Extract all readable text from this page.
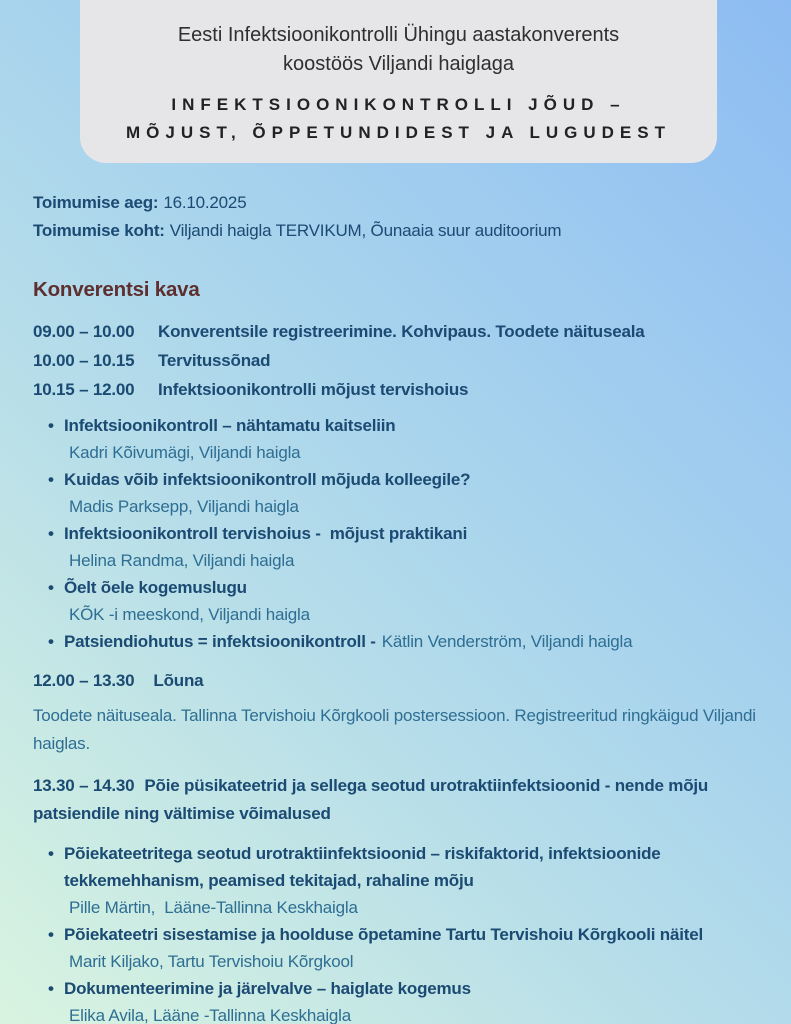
Eesti Infektsioonikontrolli Ühingu aastakonverents
koostöös Viljandi haiglaga
INFEKTSIOONIKONTROLLI JÕUD –
MÕJUST, ÕPPETUNDIDEST JA LUGUDEST

Toimumise aeg: 16.10.2025

Toimumise koht: Viljandi haigla TERVIKUM, Õunaaia suur auditoorium

Konverentsi kava
09.00 – 10.00	Konverentsile registreerimine. Kohvipaus. Toodete näituseala
10.00 – 10.15	Tervitussõnad
10.15 – 12.00	Infektsioonikontrolli mõjust tervishoius
• Infektsioonikontroll – nähtamatu kaitseliin
Kadri Kõivumägi, Viljandi haigla
• Kuidas võib infektsioonikontroll mõjuda kolleegile?
Madis Parksepp, Viljandi haigla
• Infektsioonikontroll tervishoius -  mõjust praktikani
Helina Randma, Viljandi haigla
• Õelt õele kogemuslugu
KÕK -i meeskond, Viljandi haigla
• Patsiendiohutus = infektsioonikontroll - Kätlin Venderström, Viljandi haigla
12.00 – 13.30 Lõuna

Toodete näituseala. Tallinna Tervishoiu Kõrgkooli postersessioon. Registreeritud ringkäigud Viljandi haiglas.

13.30 – 14.30 Põie püsikateetrid ja sellega seotud urotraktiinfektsioonid - nende mõju patsiendile ning vältimise võimalused

• Põiekateetritega seotud urotraktiinfektsioonid – riskifaktorid, infektsioonide tekkemehhanism, peamised tekitajad, rahaline mõju
Pille Märtin,  Lääne-Tallinna Keskhaigla
• Põiekateetri sisestamise ja hoolduse õpetamine Tartu Tervishoiu Kõrgkooli näitel
Marit Kiljako, Tartu Tervishoiu Kõrgkool
• Dokumenteerimine ja järelvalve – haiglate kogemus
Elika Avila, Lääne -Tallinna Keskhaigla
